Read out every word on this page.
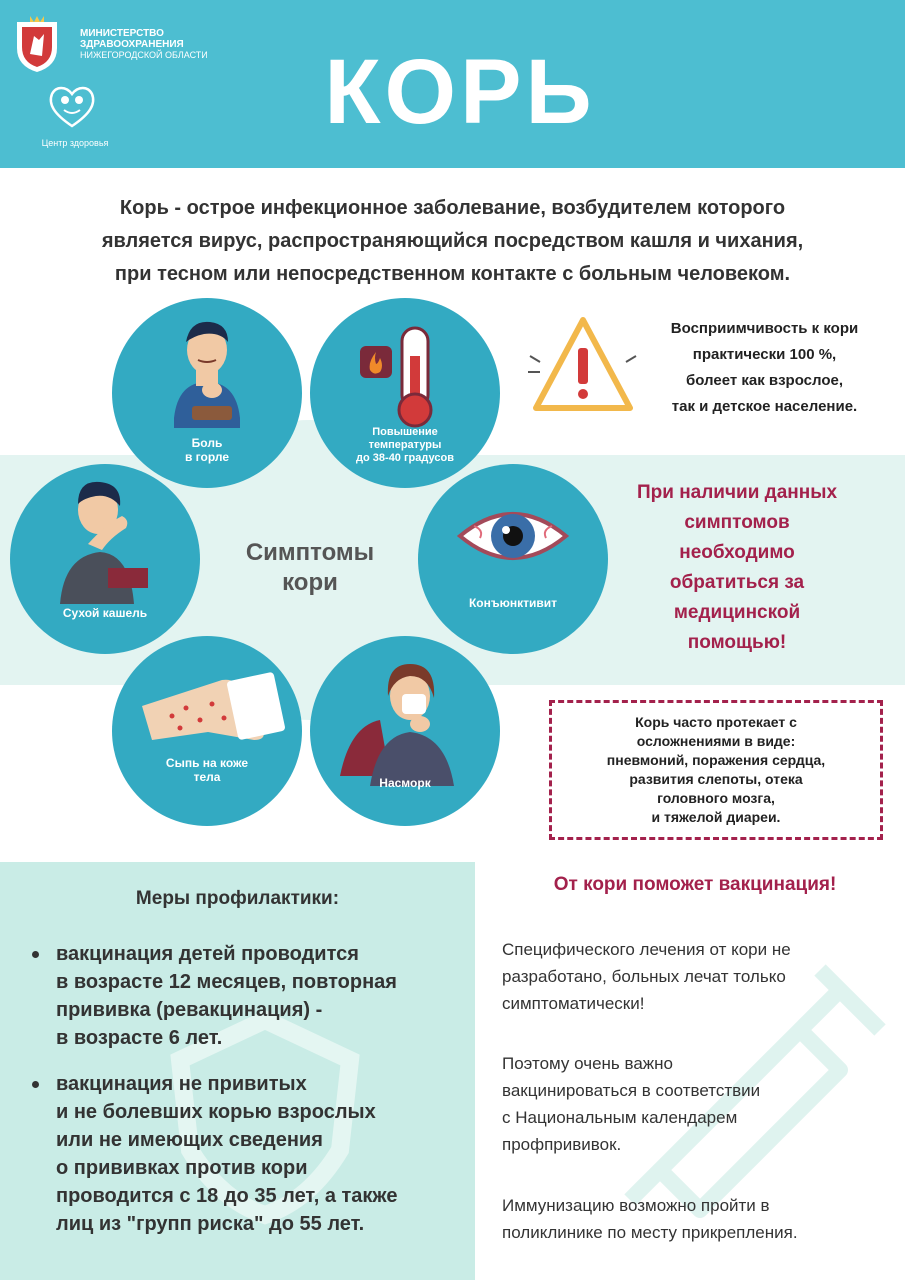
МИНИСТЕРСТВО
ЗДРАВООХРАНЕНИЯ
НИЖЕГОРОДСКОЙ ОБЛАСТИ
Центр здоровья	КОРЬ
Корь - острое инфекционное заболевание, возбудителем которого
является вирус, распространяющийся посредством кашля и чихания,
при тесном или непосредственном контакте с больным человеком.
Симптомы
кори
Боль
в горле
Повышение
температуры
до 38-40 градусов
Конъюнктивит
Насморк
Сыпь на коже
тела
Сухой кашель
Восприимчивость к кори
практически 100 %,
болеет как взрослое,
так и детское население.
При наличии данных
симптомов
необходимо
обратиться за
медицинской
помощью!
Корь часто протекает с
осложнениями в виде:
пневмоний, поражения сердца,
развития слепоты, отека
головного мозга,
и тяжелой диареи.
Меры профилактики:
вакцинация детей проводится
в возрасте 12 месяцев, повторная
прививка (ревакцинация) -
в возрасте 6 лет.
вакцинация не привитых
и не болевших корью взрослых
или не имеющих сведения
о прививках против кори
проводится с 18 до 35 лет, а также
лиц из "групп риска" до 55 лет.
От кори поможет вакцинация!
Специфического лечения от кори не
разработано, больных лечат только
симптоматически!
Поэтому очень важно
вакцинироваться в соответствии
с Национальным календарем
профпрививок.
Иммунизацию возможно пройти в
поликлинике по месту прикрепления.
